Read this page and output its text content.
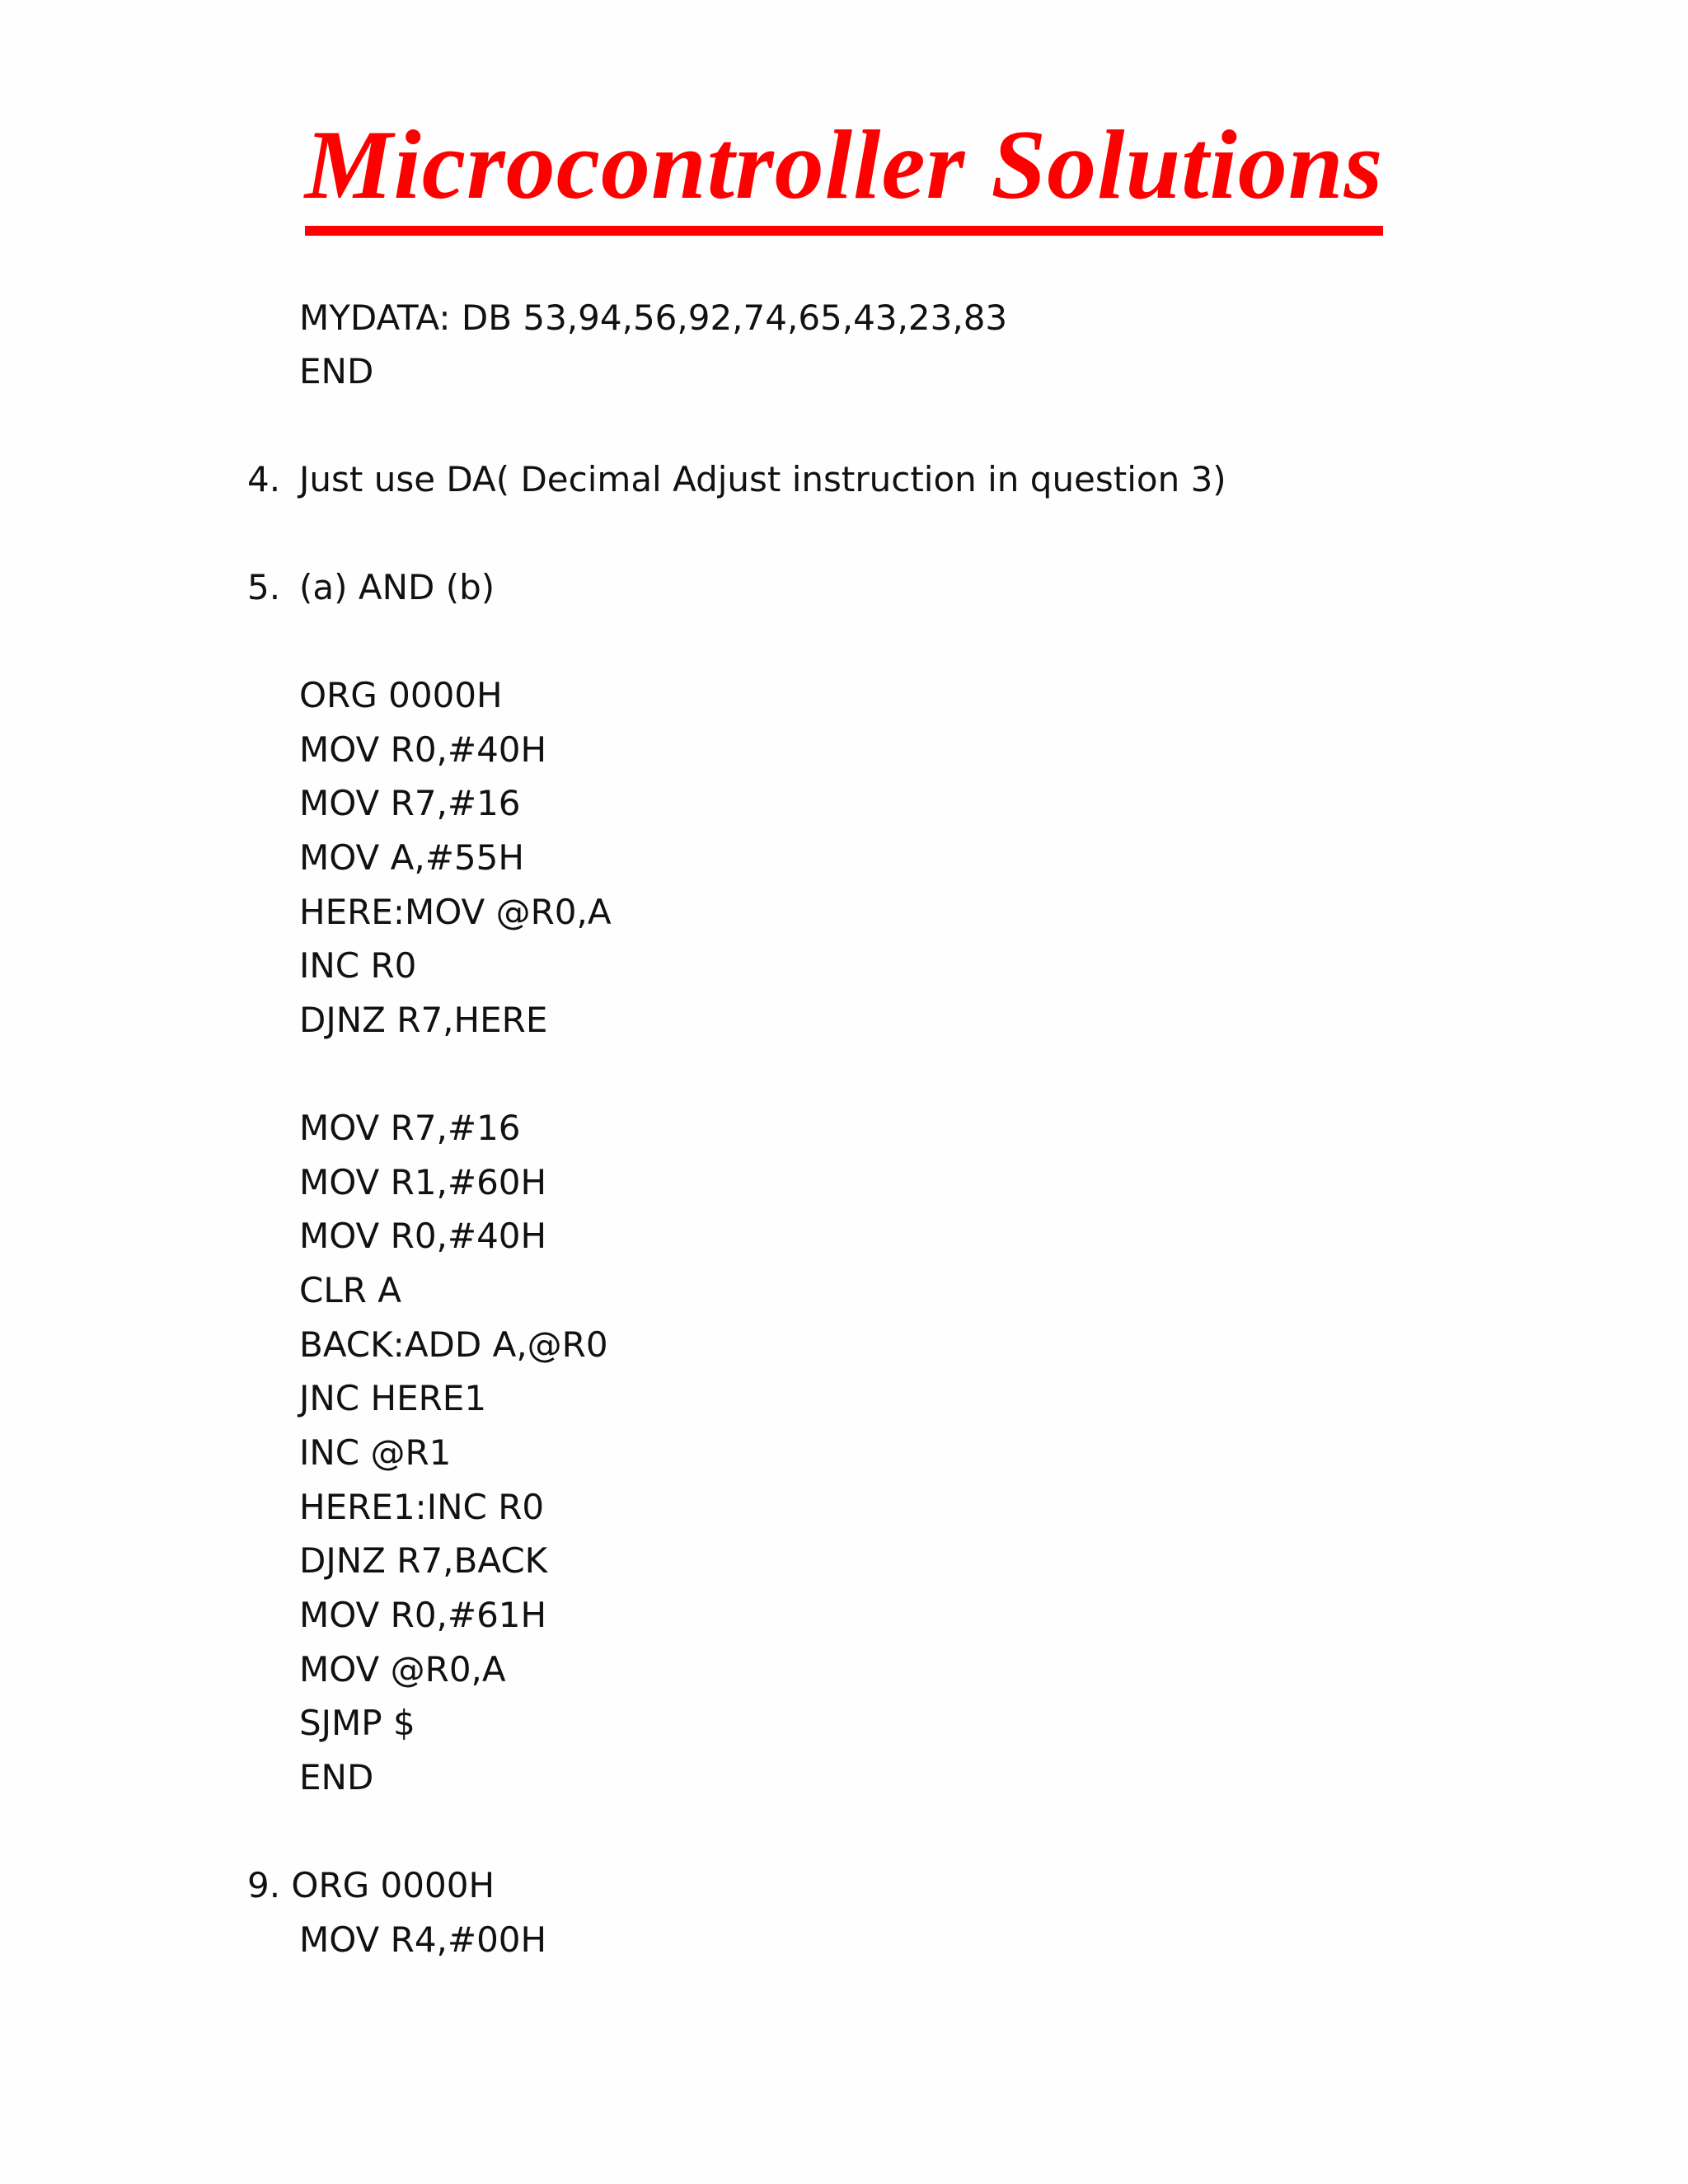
Microcontroller Solutions
MYDATA: DB 53,94,56,92,74,65,43,23,83
END
4. Just use DA( Decimal Adjust instruction in question 3)
5. (a) AND (b)
ORG 0000H
MOV R0,#40H
MOV R7,#16
MOV A,#55H
HERE:MOV @R0,A
INC R0
DJNZ R7,HERE
MOV R7,#16
MOV R1,#60H
MOV R0,#40H
CLR A
BACK:ADD A,@R0
JNC HERE1
INC @R1
HERE1:INC R0
DJNZ R7,BACK
MOV R0,#61H
MOV @R0,A
SJMP $
END
9. ORG 0000H
MOV R4,#00H
